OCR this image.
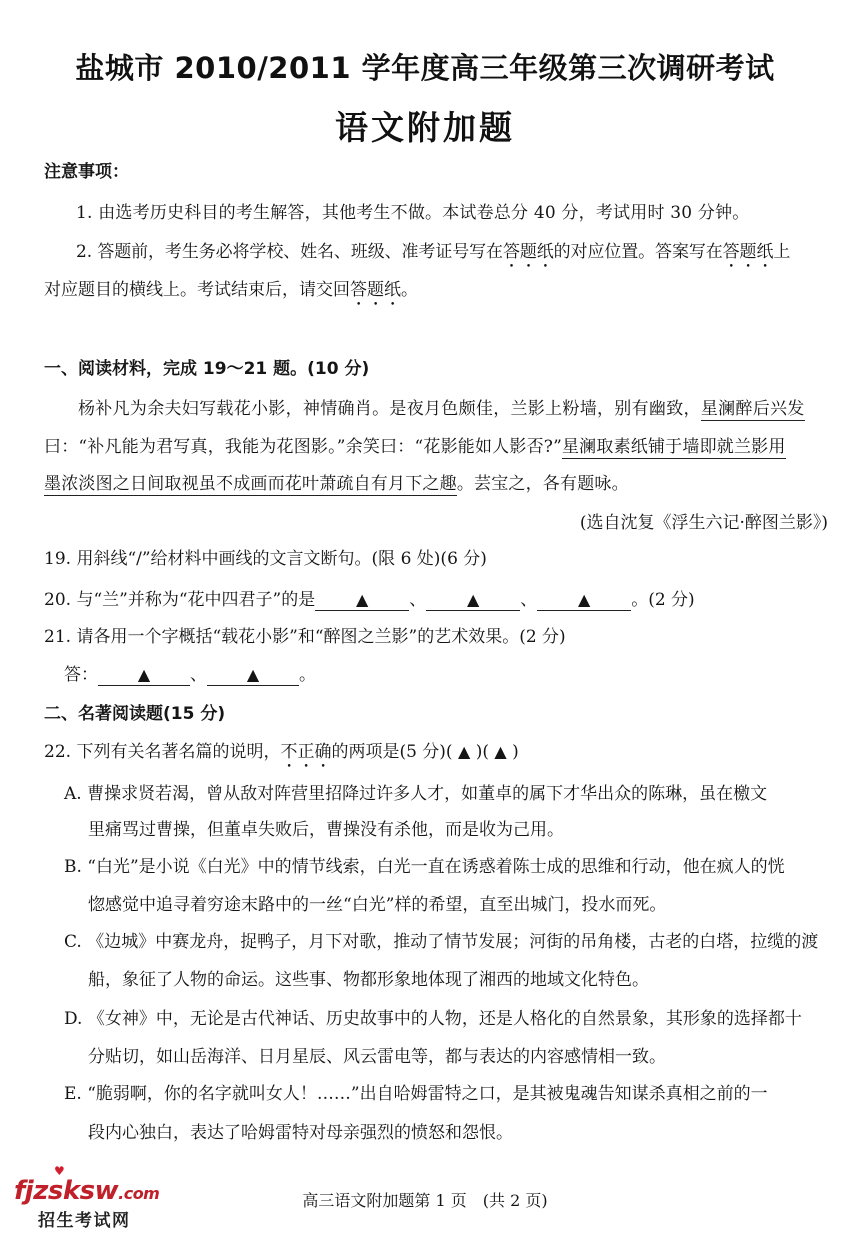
盐城市 2010/2011 学年度高三年级第三次调研考试
语文附加题
注意事项：
1. 由选考历史科目的考生解答，其他考生不做。本试卷总分 40 分，考试用时 30 分钟。
2. 答题前，考生务必将学校、姓名、班级、准考证号写在答题纸的对应位置。答案写在答题纸上
对应题目的横线上。考试结束后，请交回答题纸。
一、阅读材料，完成 19～21 题。(10 分)
杨补凡为余夫妇写载花小影，神情确肖。是夜月色颇佳，兰影上粉墙，别有幽致，星澜醉后兴发
曰：“补凡能为君写真，我能为花图影。”余笑曰：“花影能如人影否?”星澜取素纸铺于墙即就兰影用
墨浓淡图之日间取视虽不成画而花叶萧疏自有月下之趣。芸宝之，各有题咏。
(选自沈复《浮生六记·醉图兰影》)
19. 用斜线“/”给材料中画线的文言文断句。(限 6 处)(6 分)
20. 与“兰”并称为“花中四君子”的是	▲ 、	▲ 、	▲ 。(2 分)
21. 请各用一个字概括“载花小影”和“醉图之兰影”的艺术效果。(2 分)
答： ▲ 、 ▲ 。
二、名著阅读题(15 分)
22. 下列有关名著名篇的说明，不正确的两项是(5 分)( ▲ )( ▲ )
A. 曹操求贤若渴，曾从敌对阵营里招降过许多人才，如董卓的属下才华出众的陈琳，虽在檄文
里痛骂过曹操，但董卓失败后，曹操没有杀他，而是收为己用。
B. “白光”是小说《白光》中的情节线索，白光一直在诱惑着陈士成的思维和行动，他在疯人的恍
惚感觉中追寻着穷途末路中的一丝“白光”样的希望，直至出城门，投水而死。
C. 《边城》中赛龙舟，捉鸭子，月下对歌，推动了情节发展；河街的吊角楼，古老的白塔，拉缆的渡
船，象征了人物的命运。这些事、物都形象地体现了湘西的地域文化特色。
D. 《女神》中，无论是古代神话、历史故事中的人物，还是人格化的自然景象，其形象的选择都十
分贴切，如山岳海洋、日月星辰、风云雷电等，都与表达的内容感情相一致。
E. “脆弱啊，你的名字就叫女人！……”出自哈姆雷特之口，是其被鬼魂告知谋杀真相之前的一
段内心独白，表达了哈姆雷特对母亲强烈的愤怒和怨恨。
♥
fjzsksw.com
招生考试网
高三语文附加题第 1 页　(共 2 页)
